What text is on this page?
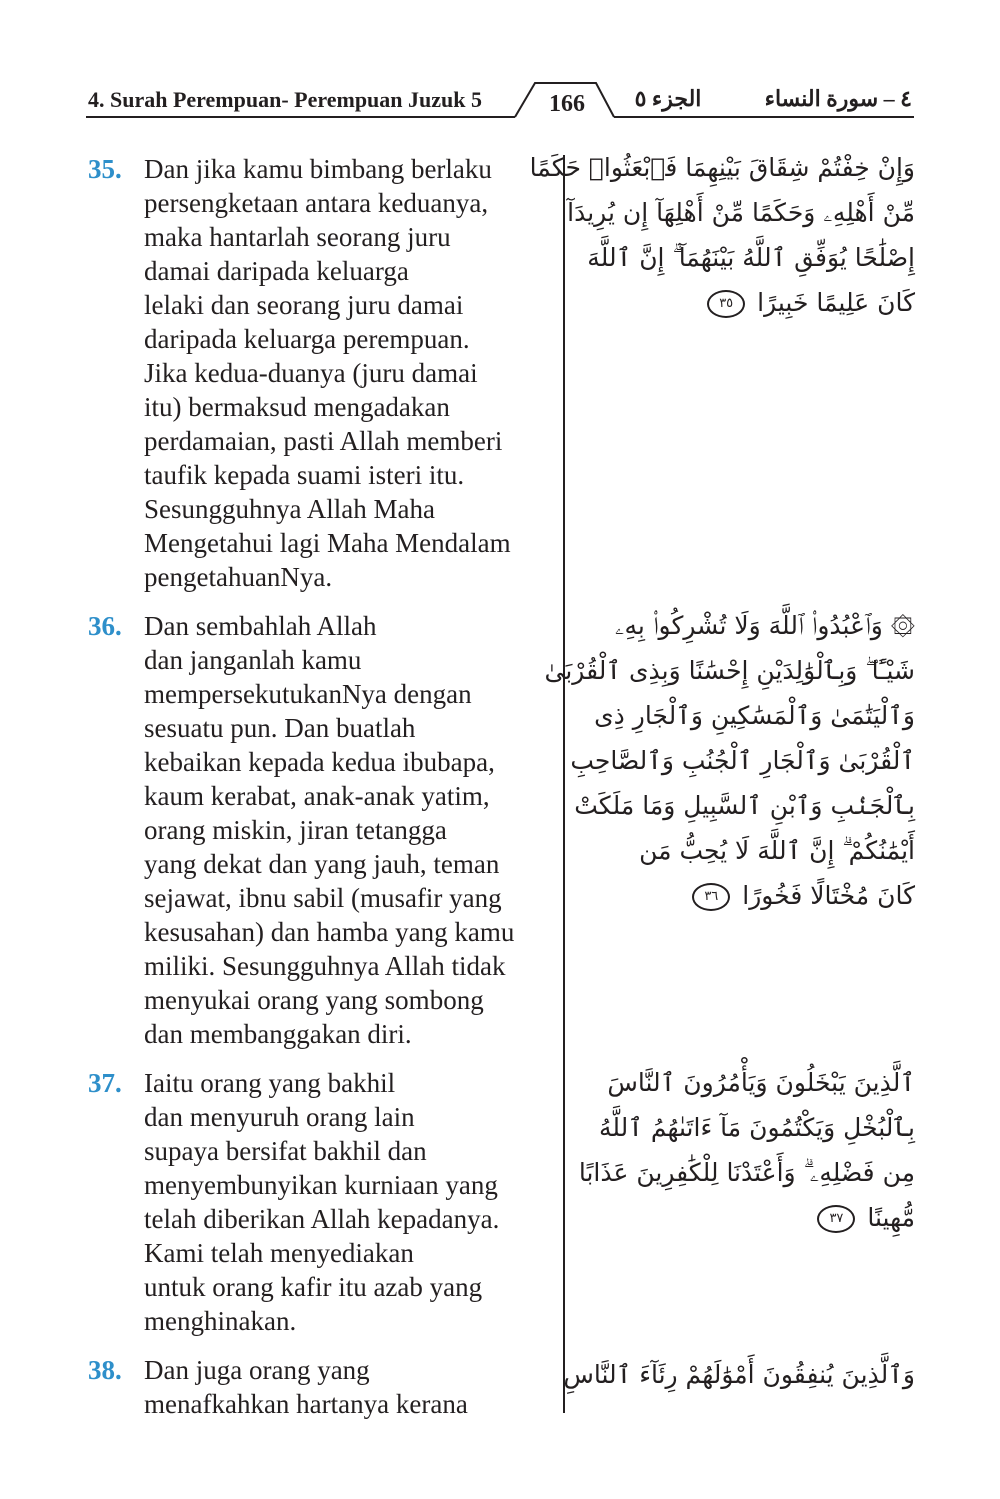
4. Surah Perempuan- Perempuan Juzuk 5	166	الجزء ٥	٤ – سورة النساء
35. Dan jika kamu bimbang berlaku
persengketaan antara keduanya,
maka hantarlah seorang juru
damai daripada keluarga
lelaki dan seorang juru damai
daripada keluarga perempuan.
Jika kedua-duanya (juru damai
itu) bermaksud mengadakan
perdamaian, pasti Allah memberi
taufik kepada suami isteri itu.
Sesungguhnya Allah Maha
Mengetahui lagi Maha Mendalam
pengetahuanNya.
وَإِنْ خِفْتُمْ شِقَاقَ بَيْنِهِمَا فَٱبْعَثُوا۟ حَكَمًا
مِّنْ أَهْلِهِۦ وَحَكَمًا مِّنْ أَهْلِهَآ إِن يُرِيدَآ
إِصْلَٰحًا يُوَفِّقِ ٱللَّهُ بَيْنَهُمَآ ۗ إِنَّ ٱللَّهَ
كَانَ عَلِيمًا خَبِيرًا ٣٥
36. Dan sembahlah Allah
dan janganlah kamu
mempersekutukanNya dengan
sesuatu pun. Dan buatlah
kebaikan kepada kedua ibubapa,
kaum kerabat, anak-anak yatim,
orang miskin, jiran tetangga
yang dekat dan yang jauh, teman
sejawat, ibnu sabil (musafir yang
kesusahan) dan hamba yang kamu
miliki. Sesungguhnya Allah tidak
menyukai orang yang sombong
dan membanggakan diri.
۞ وَٱعْبُدُوا۟ ٱللَّهَ وَلَا تُشْرِكُوا۟ بِهِۦ
شَيْـًٔا ۖ وَبِٱلْوَٰلِدَيْنِ إِحْسَٰنًا وَبِذِى ٱلْقُرْبَىٰ
وَٱلْيَتَٰمَىٰ وَٱلْمَسَٰكِينِ وَٱلْجَارِ ذِى
ٱلْقُرْبَىٰ وَٱلْجَارِ ٱلْجُنُبِ وَٱلصَّاحِبِ
بِٱلْجَنۢبِ وَٱبْنِ ٱلسَّبِيلِ وَمَا مَلَكَتْ
أَيْمَٰنُكُمْ ۗ إِنَّ ٱللَّهَ لَا يُحِبُّ مَن
كَانَ مُخْتَالًا فَخُورًا ٣٦
37. Iaitu orang yang bakhil
dan menyuruh orang lain
supaya bersifat bakhil dan
menyembunyikan kurniaan yang
telah diberikan Allah kepadanya.
Kami telah menyediakan
untuk orang kafir itu azab yang
menghinakan.
ٱلَّذِينَ يَبْخَلُونَ وَيَأْمُرُونَ ٱلنَّاسَ
بِٱلْبُخْلِ وَيَكْتُمُونَ مَآ ءَاتَىٰهُمُ ٱللَّهُ
مِن فَضْلِهِۦ ۗ وَأَعْتَدْنَا لِلْكَٰفِرِينَ عَذَابًا
مُّهِينًا ٣٧
38. Dan juga orang yang
menafkahkan hartanya kerana
وَٱلَّذِينَ يُنفِقُونَ أَمْوَٰلَهُمْ رِئَآءَ ٱلنَّاسِ
